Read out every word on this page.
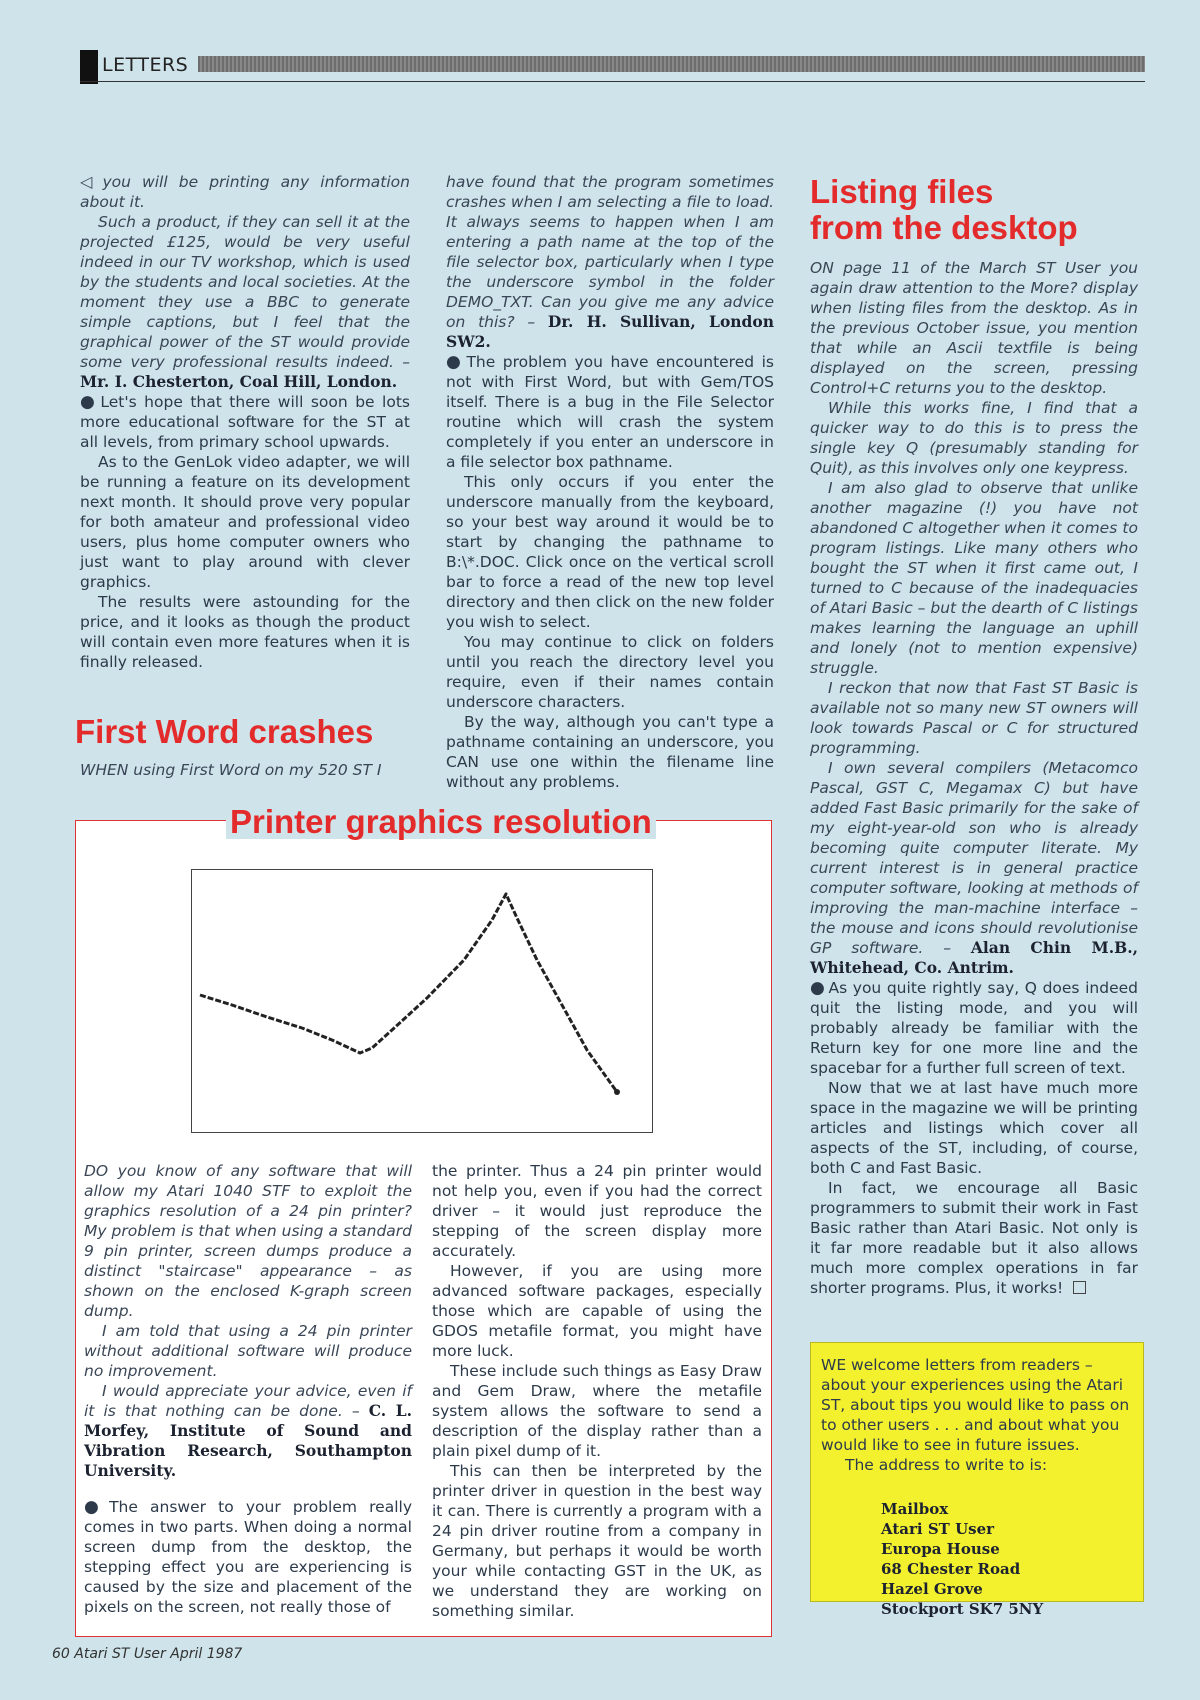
LETTERS

◁ you will be printing any information about it.

Such a product, if they can sell it at the projected £125, would be very useful indeed in our TV workshop, which is used by the students and local societies. At the moment they use a BBC to generate simple captions, but I feel that the graphical power of the ST would provide some very professional results indeed. – Mr. I. Chesterton, Coal Hill, London.

● Let's hope that there will soon be lots more educational software for the ST at all levels, from primary school upwards.

As to the GenLok video adapter, we will be running a feature on its development next month. It should prove very popular for both amateur and professional video users, plus home computer owners who just want to play around with clever graphics.

The results were astounding for the price, and it looks as though the product will contain even more features when it is finally released.

First Word crashes
WHEN using First Word on my 520 ST I

have found that the program sometimes crashes when I am selecting a file to load. It always seems to happen when I am entering a path name at the top of the file selector box, particularly when I type the underscore symbol in the folder DEMO_TXT. Can you give me any advice on this? – Dr. H. Sullivan, London SW2.

● The problem you have encountered is not with First Word, but with Gem/TOS itself. There is a bug in the File Selector routine which will crash the system completely if you enter an underscore in a file selector box pathname.

This only occurs if you enter the underscore manually from the keyboard, so your best way around it would be to start by changing the pathname to B:\*.DOC. Click once on the vertical scroll bar to force a read of the new top level directory and then click on the new folder you wish to select.

You may continue to click on folders until you reach the directory level you require, even if their names contain underscore characters.

By the way, although you can't type a pathname containing an underscore, you CAN use one within the filename line without any problems.

Listing files
from the desktop

ON page 11 of the March ST User you again draw attention to the More? display when listing files from the desktop. As in the previous October issue, you mention that while an Ascii textfile is being displayed on the screen, pressing Control+C returns you to the desktop.

While this works fine, I find that a quicker way to do this is to press the single key Q (presumably standing for Quit), as this involves only one keypress.

I am also glad to observe that unlike another magazine (!) you have not abandoned C altogether when it comes to program listings. Like many others who bought the ST when it first came out, I turned to C because of the inadequacies of Atari Basic – but the dearth of C listings makes learning the language an uphill and lonely (not to mention expensive) struggle.

I reckon that now that Fast ST Basic is available not so many new ST owners will look towards Pascal or C for structured programming.

I own several compilers (Metacomco Pascal, GST C, Megamax C) but have added Fast Basic primarily for the sake of my eight-year-old son who is already becoming quite computer literate. My current interest is in general practice computer software, looking at methods of improving the man-machine interface – the mouse and icons should revolutionise GP software. – Alan Chin M.B., Whitehead, Co. Antrim.

● As you quite rightly say, Q does indeed quit the listing mode, and you will probably already be familiar with the Return key for one more line and the spacebar for a further full screen of text.

Now that we at last have much more space in the magazine we will be printing articles and listings which cover all aspects of the ST, including, of course, both C and Fast Basic.

In fact, we encourage all Basic programmers to submit their work in Fast Basic rather than Atari Basic. Not only is it far more readable but it also allows much more complex operations in far shorter programs. Plus, it works!

Printer graphics resolution

DO you know of any software that will allow my Atari 1040 STF to exploit the graphics resolution of a 24 pin printer? My problem is that when using a standard 9 pin printer, screen dumps produce a distinct "staircase" appearance – as shown on the enclosed K-graph screen dump.

I am told that using a 24 pin printer without additional software will produce no improvement.

I would appreciate your advice, even if it is that nothing can be done. – C. L. Morfey, Institute of Sound and Vibration Research, Southampton University.

● The answer to your problem really comes in two parts. When doing a normal screen dump from the desktop, the stepping effect you are experiencing is caused by the size and placement of the pixels on the screen, not really those of

the printer. Thus a 24 pin printer would not help you, even if you had the correct driver – it would just reproduce the stepping of the screen display more accurately.

However, if you are using more advanced software packages, especially those which are capable of using the GDOS metafile format, you might have more luck.

These include such things as Easy Draw and Gem Draw, where the metafile system allows the software to send a description of the display rather than a plain pixel dump of it.

This can then be interpreted by the printer driver in question in the best way it can. There is currently a program with a 24 pin driver routine from a company in Germany, but perhaps it would be worth your while contacting GST in the UK, as we understand they are working on something similar.

WE welcome letters from readers – about your experiences using the Atari ST, about tips you would like to pass on to other users . . . and about what you would like to see in future issues.

The address to write to is:

Mailbox
Atari ST User
Europa House
68 Chester Road
Hazel Grove
Stockport SK7 5NY
60 Atari ST User April 1987
